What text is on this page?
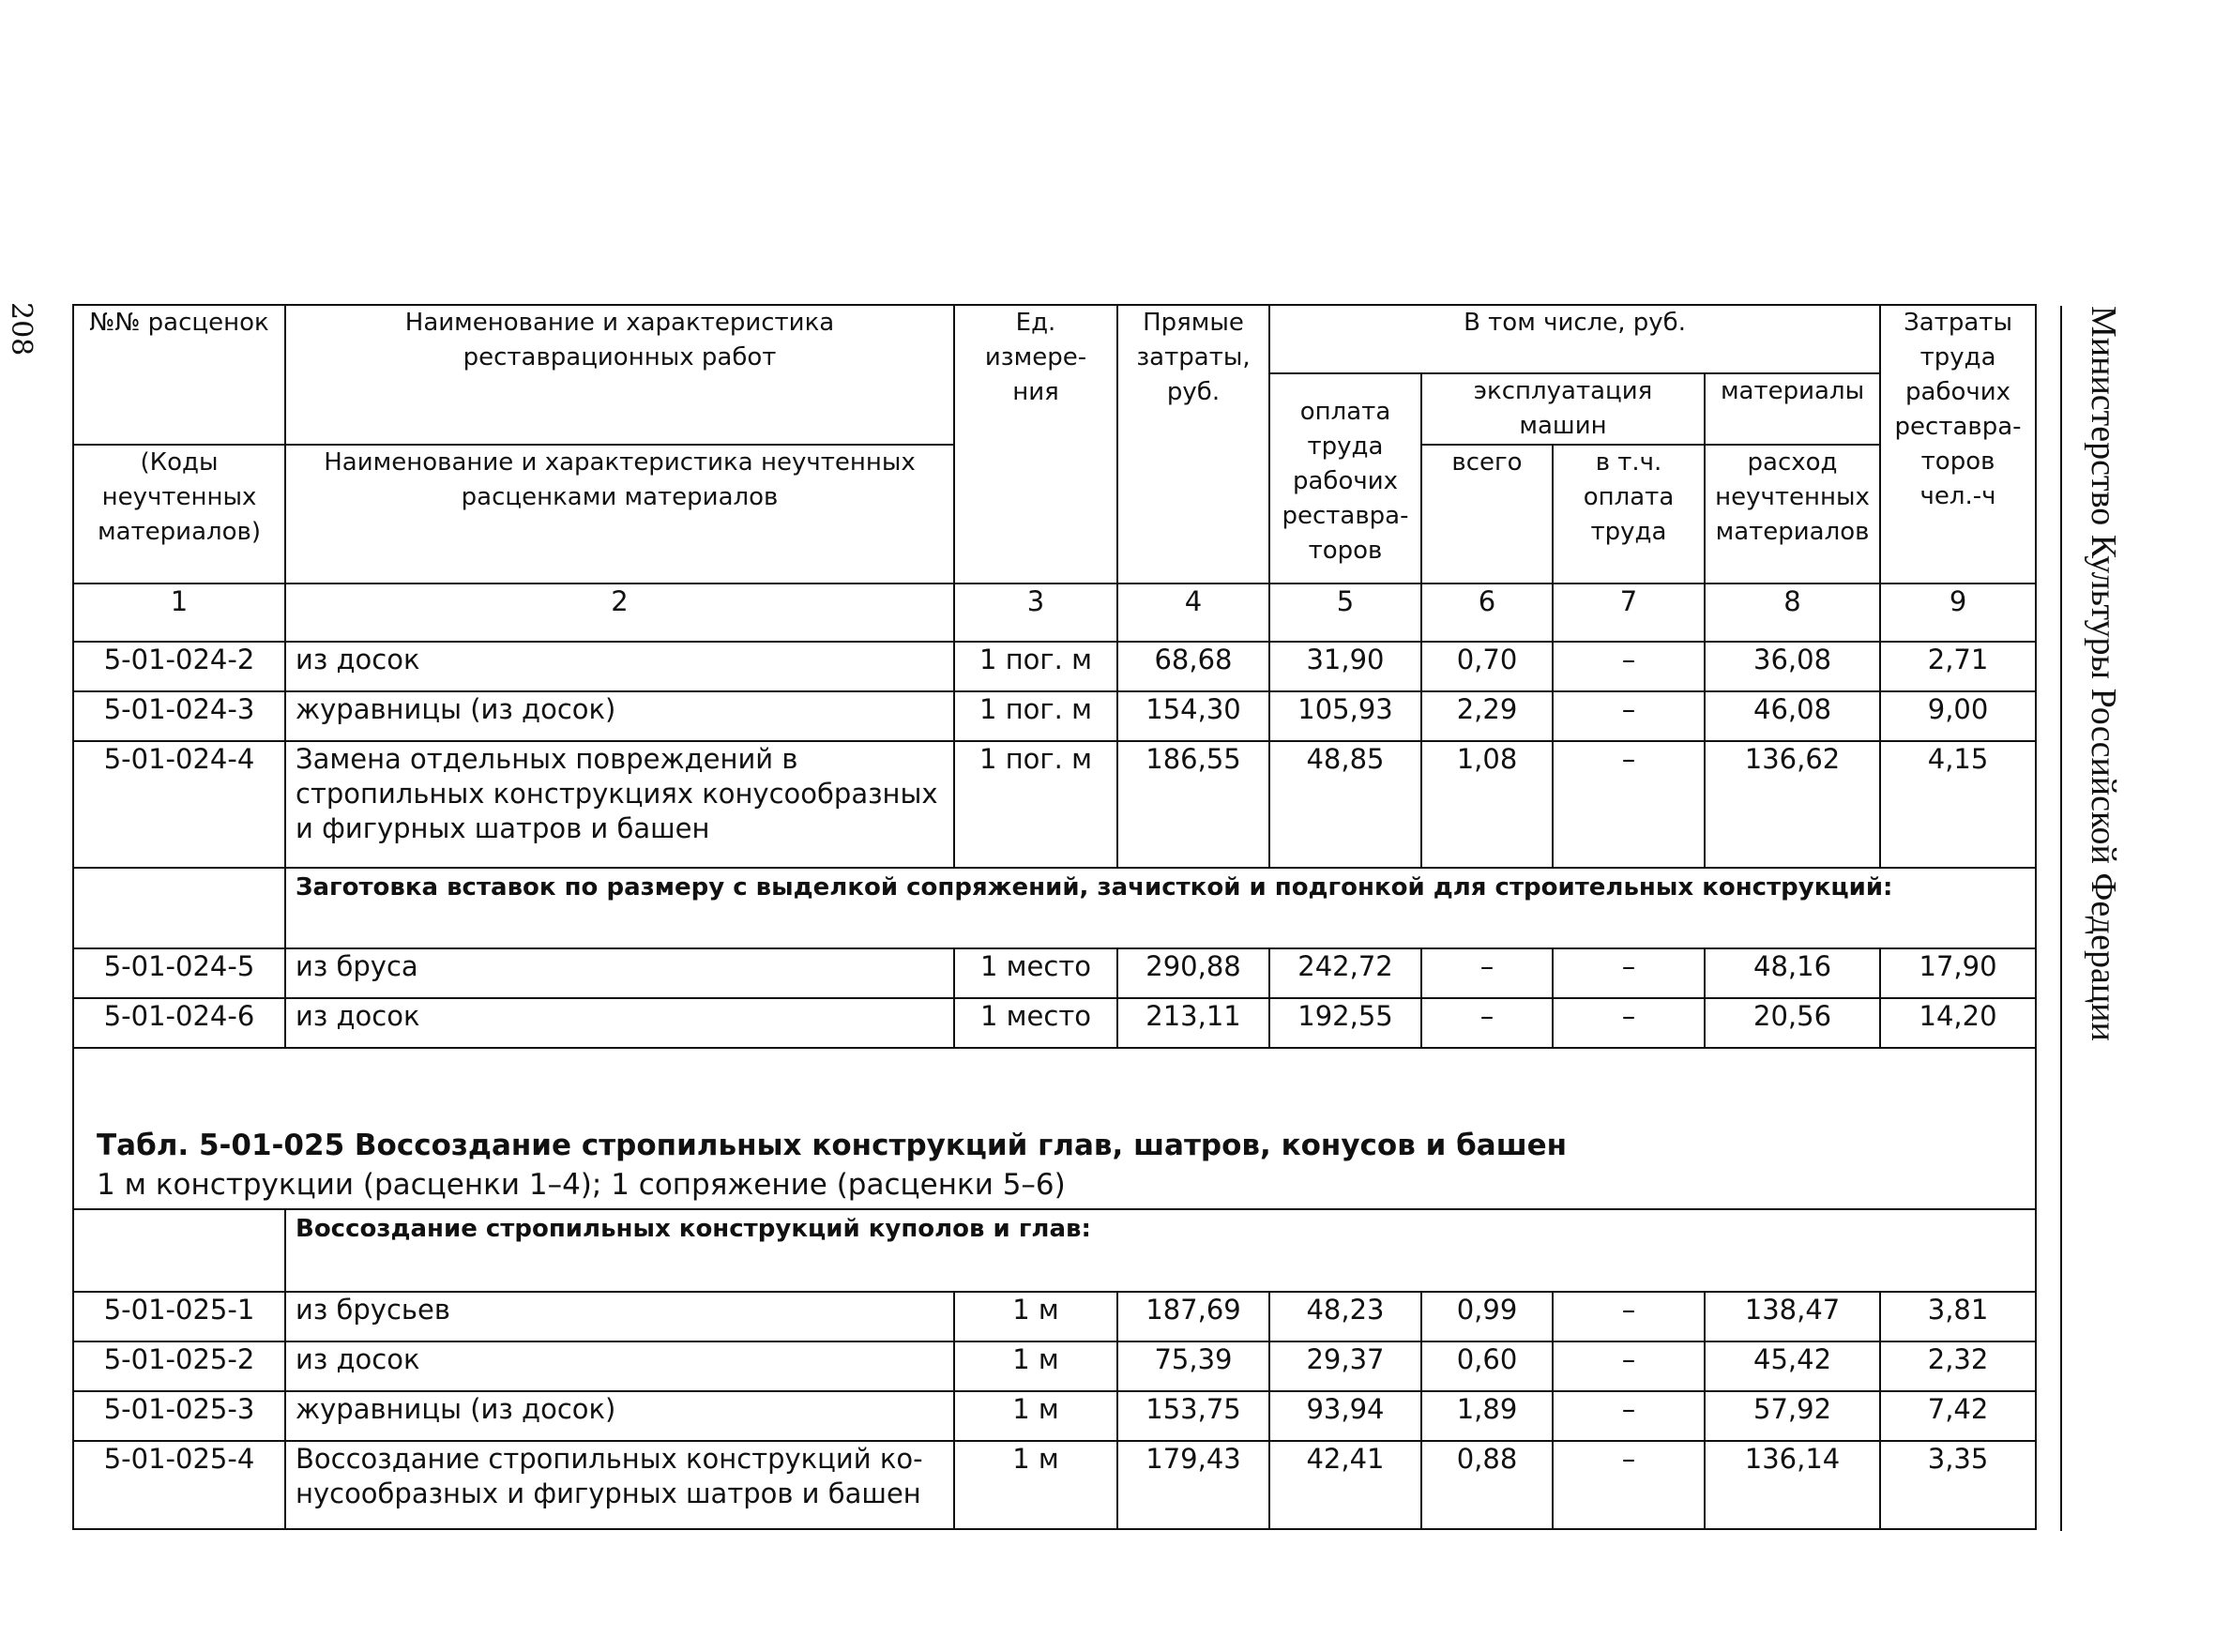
208	Министерство Культуры Российской Федерации
№№ расценок	Наименование и характеристика реставрационных работ	Ед. измере-ния	Прямые затраты, руб.	В том числе, руб.				Затраты труда рабочих реставра-торов чел.-ч
				оплата труда рабочих реставра-торов	эксплуатация машин		материалы	
(Коды неучтенных материалов)	Наименование и характеристика неучтенных расценками материалов				всего	в т.ч. оплата труда	расход неучтенных материалов	
1	2	3	4	5	6	7	8	9
5-01-024-2	из досок	1 пог. м	68,68	31,90	0,70	–	36,08	2,71
5-01-024-3	журавницы (из досок)	1 пог. м	154,30	105,93	2,29	–	46,08	9,00
5-01-024-4	Замена отдельных повреждений в стропильных конструкциях конусообразных и фигурных шатров и башен	1 пог. м	186,55	48,85	1,08	–	136,62	4,15
	Заготовка вставок по размеру с выделкой сопряжений, зачисткой и подгонкой для строительных конструкций:							
5-01-024-5	из бруса	1 место	290,88	242,72	–	–	48,16	17,90
5-01-024-6	из досок	1 место	213,11	192,55	–	–	20,56	14,20

Табл. 5-01-025 Воссоздание стропильных конструкций глав, шатров, конусов и башен
1 м конструкции (расценки 1–4); 1 сопряжение (расценки 5–6)								

	Воссоздание стропильных конструкций куполов и глав:							
5-01-025-1	из брусьев	1 м	187,69	48,23	0,99	–	138,47	3,81
5-01-025-2	из досок	1 м	75,39	29,37	0,60	–	45,42	2,32
5-01-025-3	журавницы (из досок)	1 м	153,75	93,94	1,89	–	57,92	7,42
5-01-025-4	Воссоздание стропильных конструкций ко-нусообразных и фигурных шатров и башен	1 м	179,43	42,41	0,88	–	136,14	3,35
